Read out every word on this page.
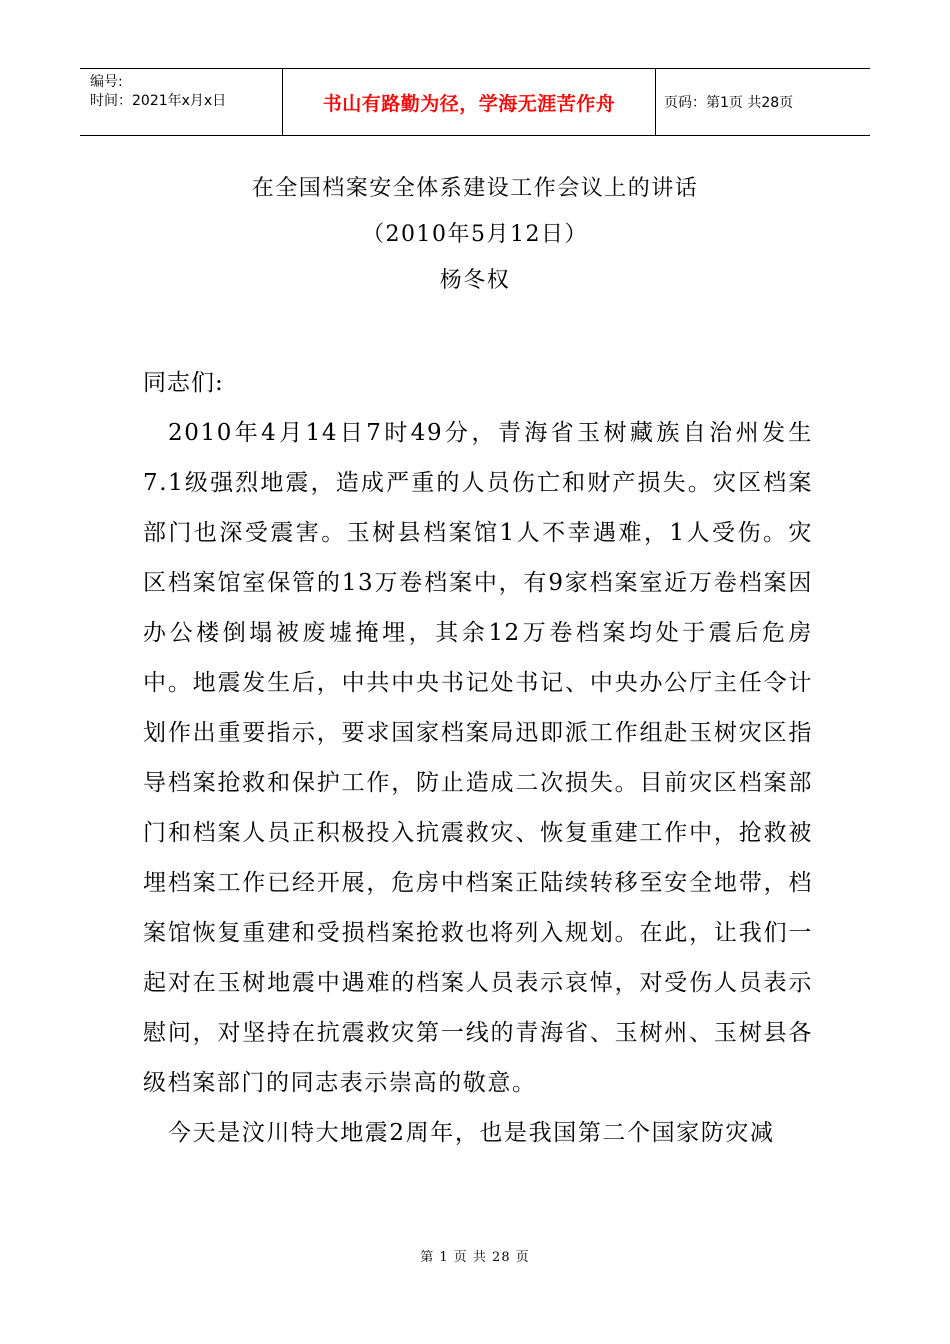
编号:
时间：2021年x月x日	书山有路勤为径，学海无涯苦作舟	页码：第1页 共28页
在全国档案安全体系建设工作会议上的讲话
（2010年5月12日）
杨冬权

同志们:

2010年4月14日7时49分，青海省玉树藏族自治州发生7.1级强烈地震，造成严重的人员伤亡和财产损失。灾区档案部门也深受震害。玉树县档案馆1人不幸遇难，1人受伤。灾区档案馆室保管的13万卷档案中，有9家档案室近万卷档案因办公楼倒塌被废墟掩埋，其余12万卷档案均处于震后危房中。地震发生后，中共中央书记处书记、中央办公厅主任令计划作出重要指示，要求国家档案局迅即派工作组赴玉树灾区指导档案抢救和保护工作，防止造成二次损失。目前灾区档案部门和档案人员正积极投入抗震救灾、恢复重建工作中，抢救被埋档案工作已经开展，危房中档案正陆续转移至安全地带，档案馆恢复重建和受损档案抢救也将列入规划。在此，让我们一起对在玉树地震中遇难的档案人员表示哀悼，对受伤人员表示慰问，对坚持在抗震救灾第一线的青海省、玉树州、玉树县各级档案部门的同志表示崇高的敬意。

今天是汶川特大地震2周年，也是我国第二个国家防灾减

第 1 页 共 28 页
